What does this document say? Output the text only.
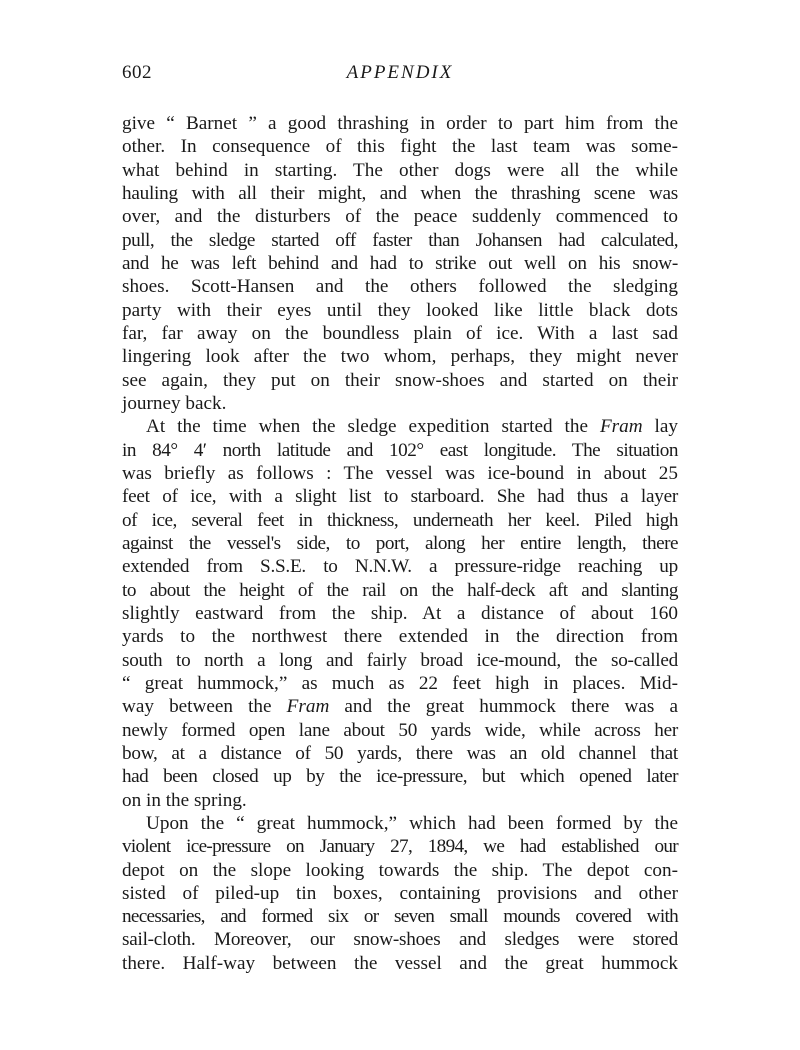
602	APPENDIX
give “ Barnet ” a good thrashing in order to part him from the
other. In consequence of this fight the last team was some-
what behind in starting. The other dogs were all the while
hauling with all their might, and when the thrashing scene was
over, and the disturbers of the peace suddenly commenced to
pull, the sledge started off faster than Johansen had calculated,
and he was left behind and had to strike out well on his snow-
shoes. Scott-Hansen and the others followed the sledging
party with their eyes until they looked like little black dots
far, far away on the boundless plain of ice. With a last sad
lingering look after the two whom, perhaps, they might never
see again, they put on their snow-shoes and started on their
journey back.
At the time when the sledge expedition started the Fram lay
in 84° 4′ north latitude and 102° east longitude. The situation
was briefly as follows : The vessel was ice-bound in about 25
feet of ice, with a slight list to starboard. She had thus a layer
of ice, several feet in thickness, underneath her keel. Piled high
against the vessel's side, to port, along her entire length, there
extended from S.S.E. to N.N.W. a pressure-ridge reaching up
to about the height of the rail on the half-deck aft and slanting
slightly eastward from the ship. At a distance of about 160
yards to the northwest there extended in the direction from
south to north a long and fairly broad ice-mound, the so-called
“ great hummock,” as much as 22 feet high in places. Mid-
way between the Fram and the great hummock there was a
newly formed open lane about 50 yards wide, while across her
bow, at a distance of 50 yards, there was an old channel that
had been closed up by the ice-pressure, but which opened later
on in the spring.
Upon the “ great hummock,” which had been formed by the
violent ice-pressure on January 27, 1894, we had established our
depot on the slope looking towards the ship. The depot con-
sisted of piled-up tin boxes, containing provisions and other
necessaries, and formed six or seven small mounds covered with
sail-cloth. Moreover, our snow-shoes and sledges were stored
there. Half-way between the vessel and the great hummock
